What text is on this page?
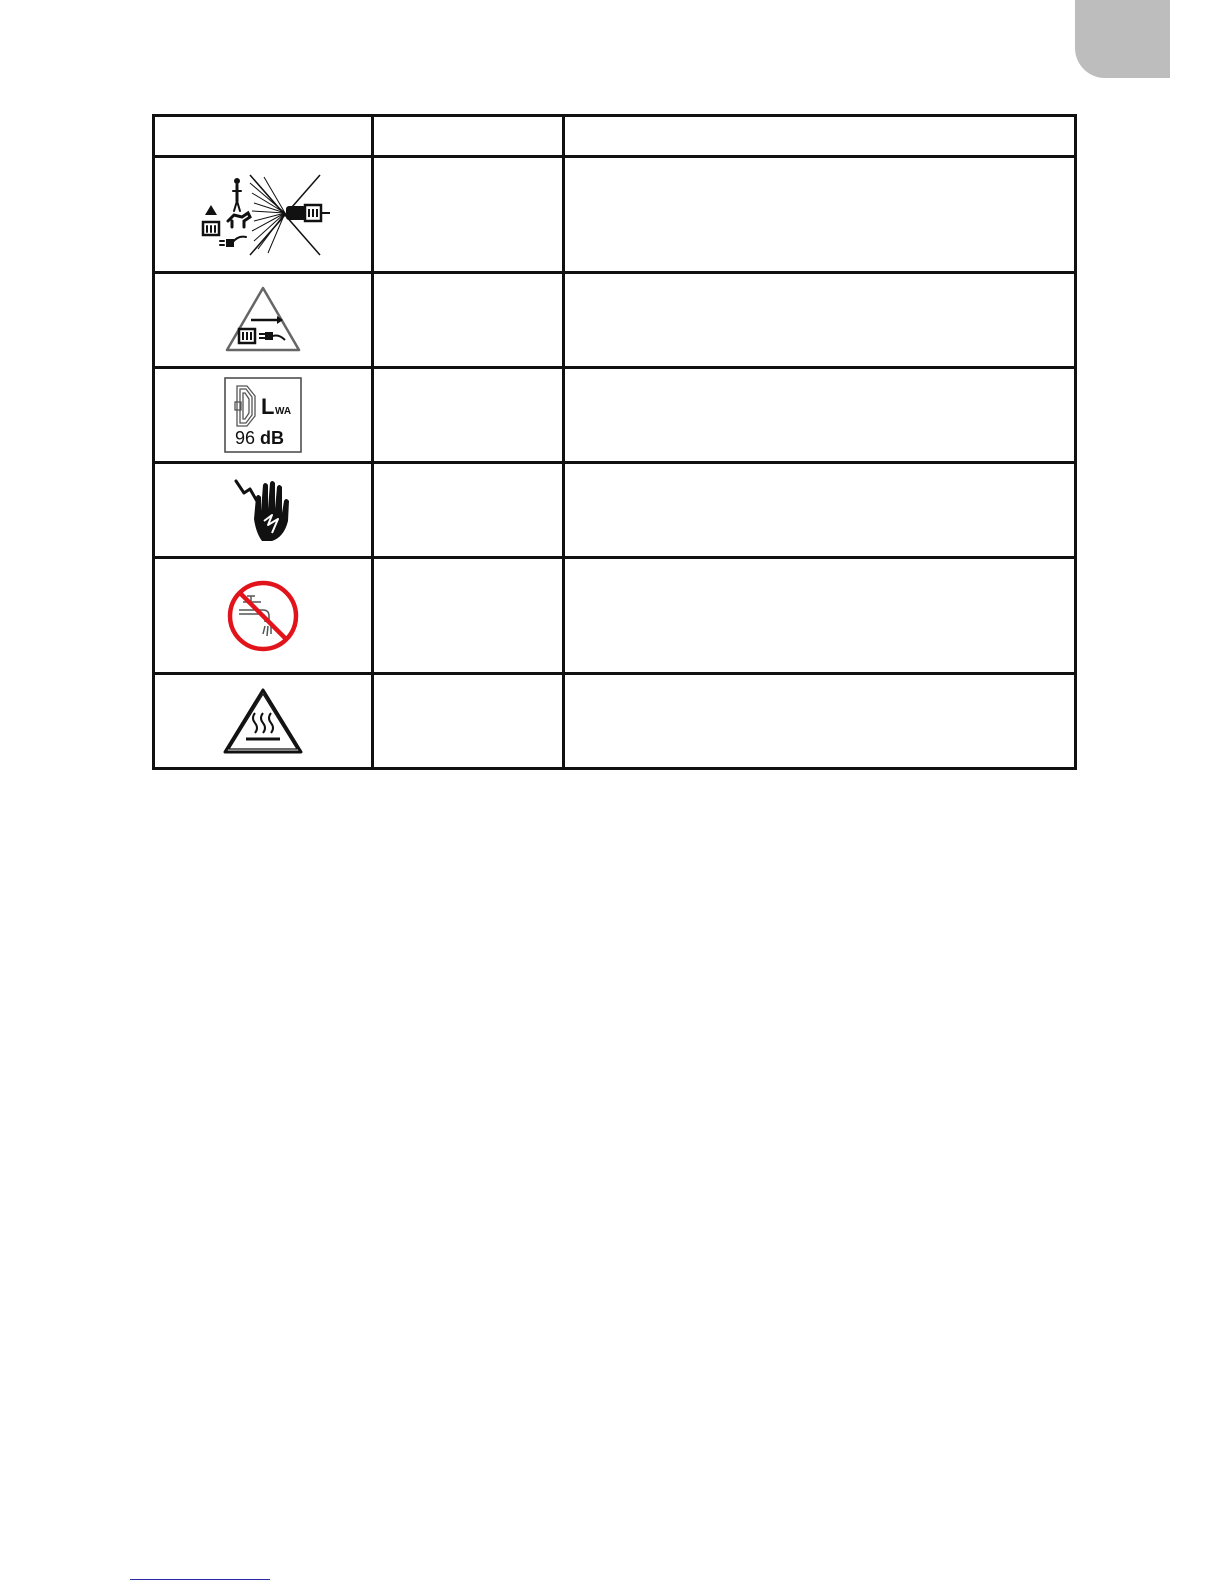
L WA
96 dB		
